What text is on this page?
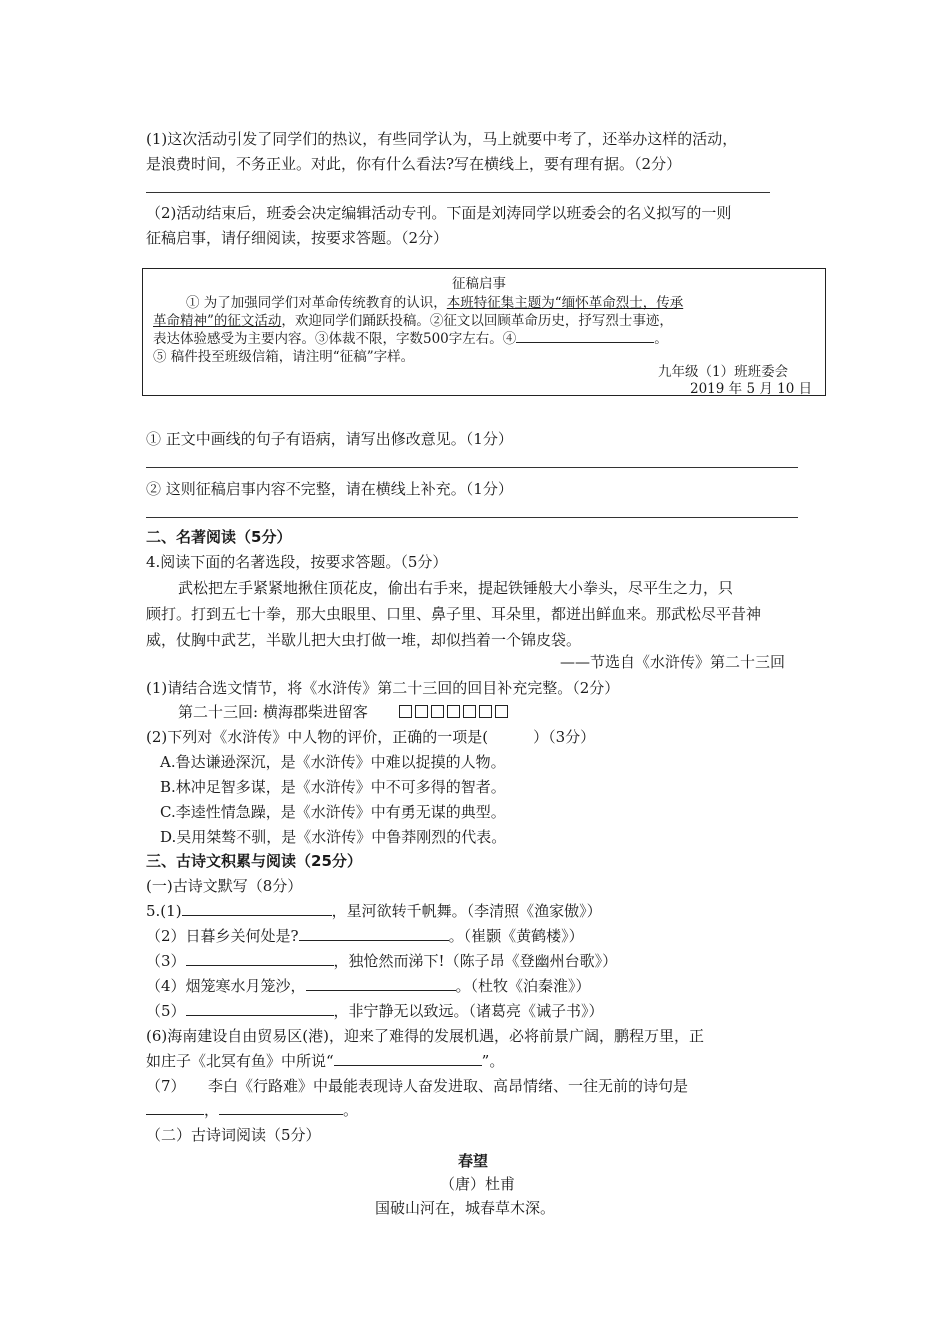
(1)这次活动引发了同学们的热议，有些同学认为，马上就要中考了，还举办这样的活动，
是浪费时间，不务正业。对此，你有什么看法?写在横线上，要有理有据。（2分）
（2)活动结束后，班委会决定编辑活动专刊。下面是刘涛同学以班委会的名义拟写的一则
征稿启事，请仔细阅读，按要求答题。（2分）
征稿启事
① 为了加强同学们对革命传统教育的认识，本班特征集主题为“缅怀革命烈士，传承
革命精神”的征文活动，欢迎同学们踊跃投稿。②征文以回顾革命历史，抒写烈士事迹，
表达体验感受为主要内容。③体裁不限，字数500字左右。④	。
⑤ 稿件投至班级信箱，请注明“征稿”字样。
九年级（1）班班委会
2019 年 5 月 10 日
① 正文中画线的句子有语病，请写出修改意见。（1分）
② 这则征稿启事内容不完整，请在横线上补充。（1分）
二、名著阅读（5分）
4.阅读下面的名著选段，按要求答题。（5分）
武松把左手紧紧地揪住顶花皮，偷出右手来，提起铁锤般大小拳头，尽平生之力，只
顾打。打到五七十拳，那大虫眼里、口里、鼻子里、耳朵里，都迸出鲜血来。那武松尽平昔神
威，仗胸中武艺，半歇儿把大虫打做一堆，却似挡着一个锦皮袋。
——节选自《水浒传》第二十三回
(1)请结合选文情节，将《水浒传》第二十三回的回目补充完整。（2分）
第二十三回: 横海郡柴进留客
(2)下列对《水浒传》中人物的评价，正确的一项是(　　　）（3分）
A.鲁达谦逊深沉，是《水浒传》中难以捉摸的人物。
B.林冲足智多谋，是《水浒传》中不可多得的智者。
C.李逵性情急躁，是《水浒传》中有勇无谋的典型。
D.吴用桀骜不驯，是《水浒传》中鲁莽刚烈的代表。
三、古诗文积累与阅读（25分）
(一)古诗文默写（8分）
5.(1)	，星河欲转千帆舞。（李清照《渔家傲》）
（2）日暮乡关何处是?	。（崔颢《黄鹤楼》）
（3）	，独怆然而涕下!（陈子昂《登幽州台歌》）
（4）烟笼寒水月笼沙，	。（杜牧《泊秦淮》）
（5）	，非宁静无以致远。（诸葛亮《诫子书》）
(6)海南建设自由贸易区(港)，迎来了难得的发展机遇，必将前景广阔，鹏程万里，正
如庄子《北冥有鱼》中所说“	”。
（7）　　李白《行路难》中最能表现诗人奋发进取、高昂情绪、一往无前的诗句是
，	。
（二）古诗词阅读（5分）
春望
（唐）杜甫
国破山河在，城春草木深。
